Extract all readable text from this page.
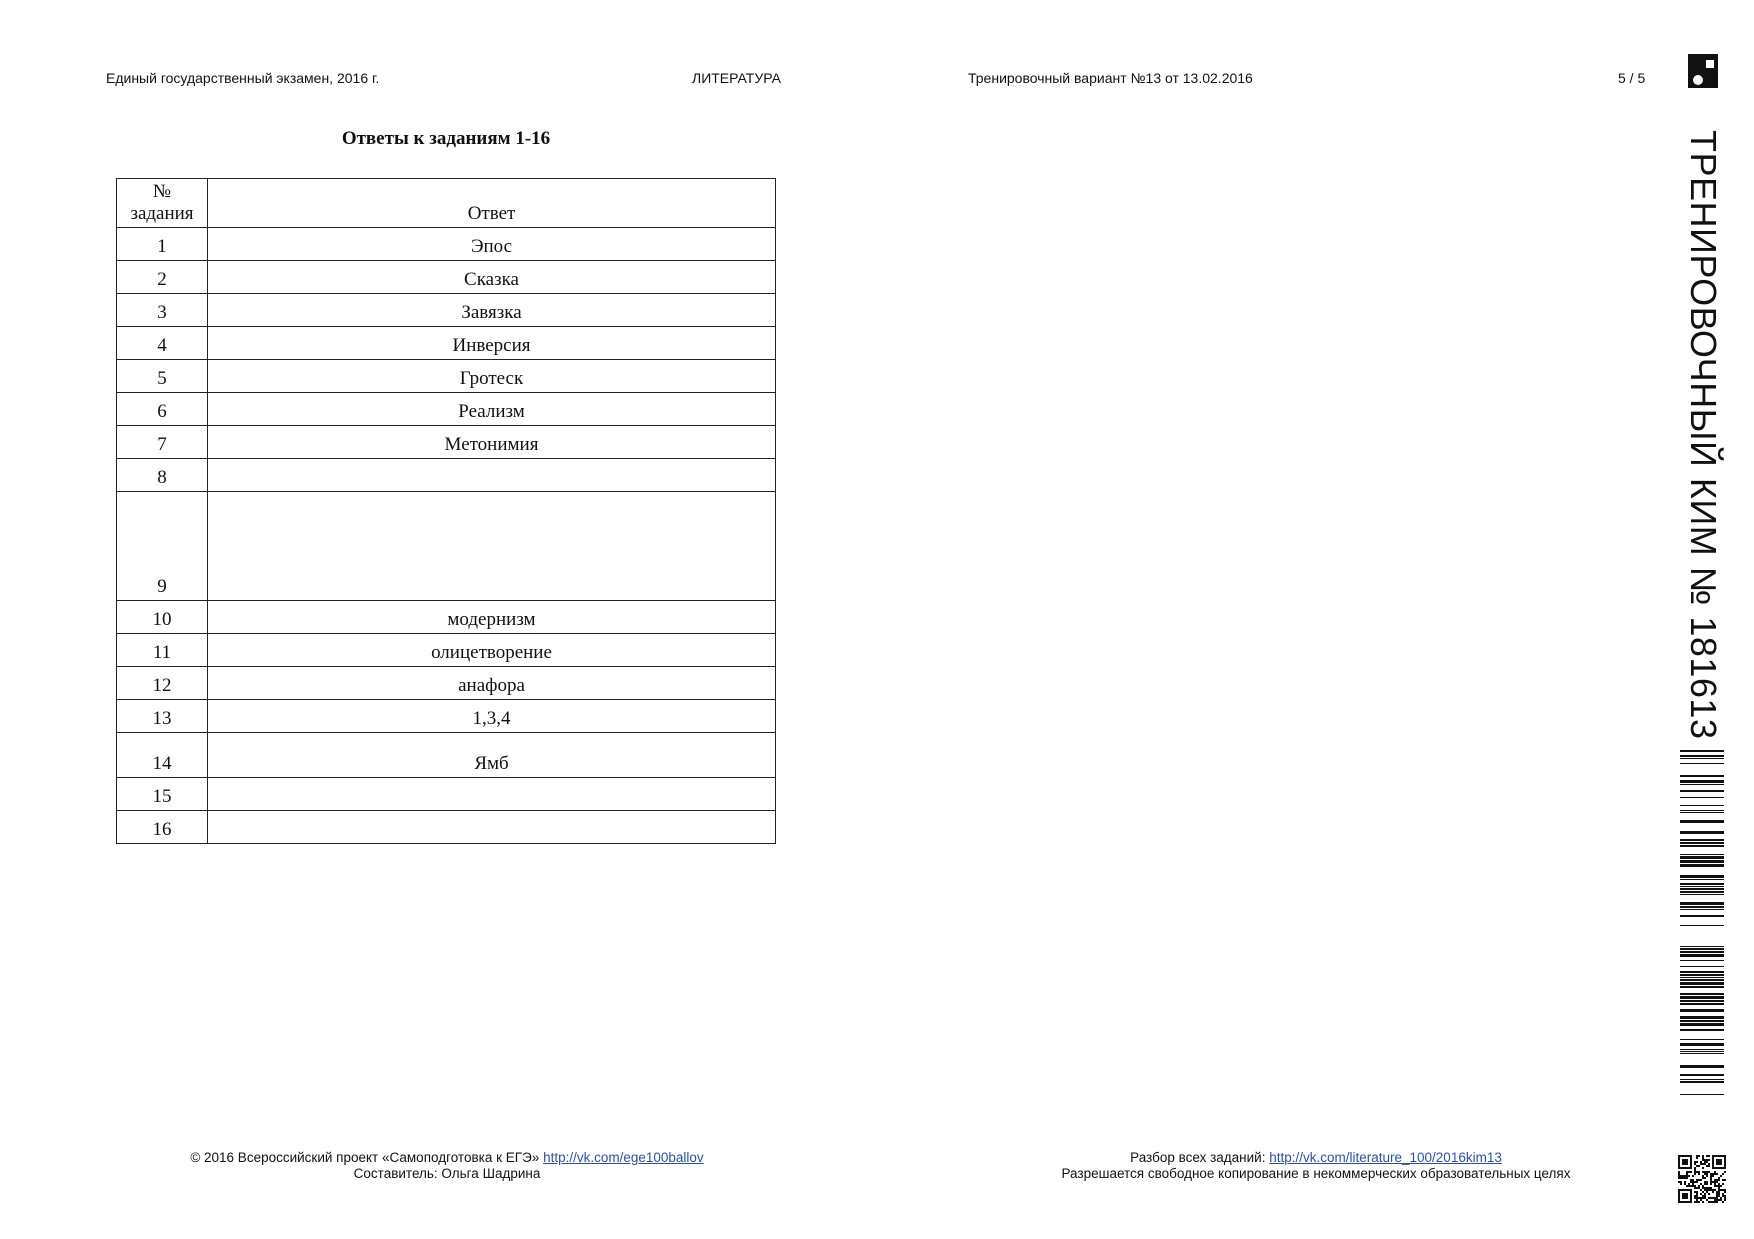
Единый государственный экзамен, 2016 г.	ЛИТЕРАТУРА	Тренировочный вариант №13 от 13.02.2016	5 / 5
ТРЕНИРОВОЧНЫЙ КИМ № 181613
Ответы к заданиям 1-16
№
задания	Ответ
1	Эпос
2	Сказка
3	Завязка
4	Инверсия
5	Гротеск
6	Реализм
7	Метонимия
8	
9	
10	модернизм
11	олицетворение
12	анафора
13	1,3,4
14	Ямб
15	
16	
© 2016 Всероссийский проект «Самоподготовка к ЕГЭ» http://vk.com/ege100ballov
Составитель: Ольга Шадрина
Разбор всех заданий: http://vk.com/literature_100/2016kim13
Разрешается свободное копирование в некоммерческих образовательных целях
